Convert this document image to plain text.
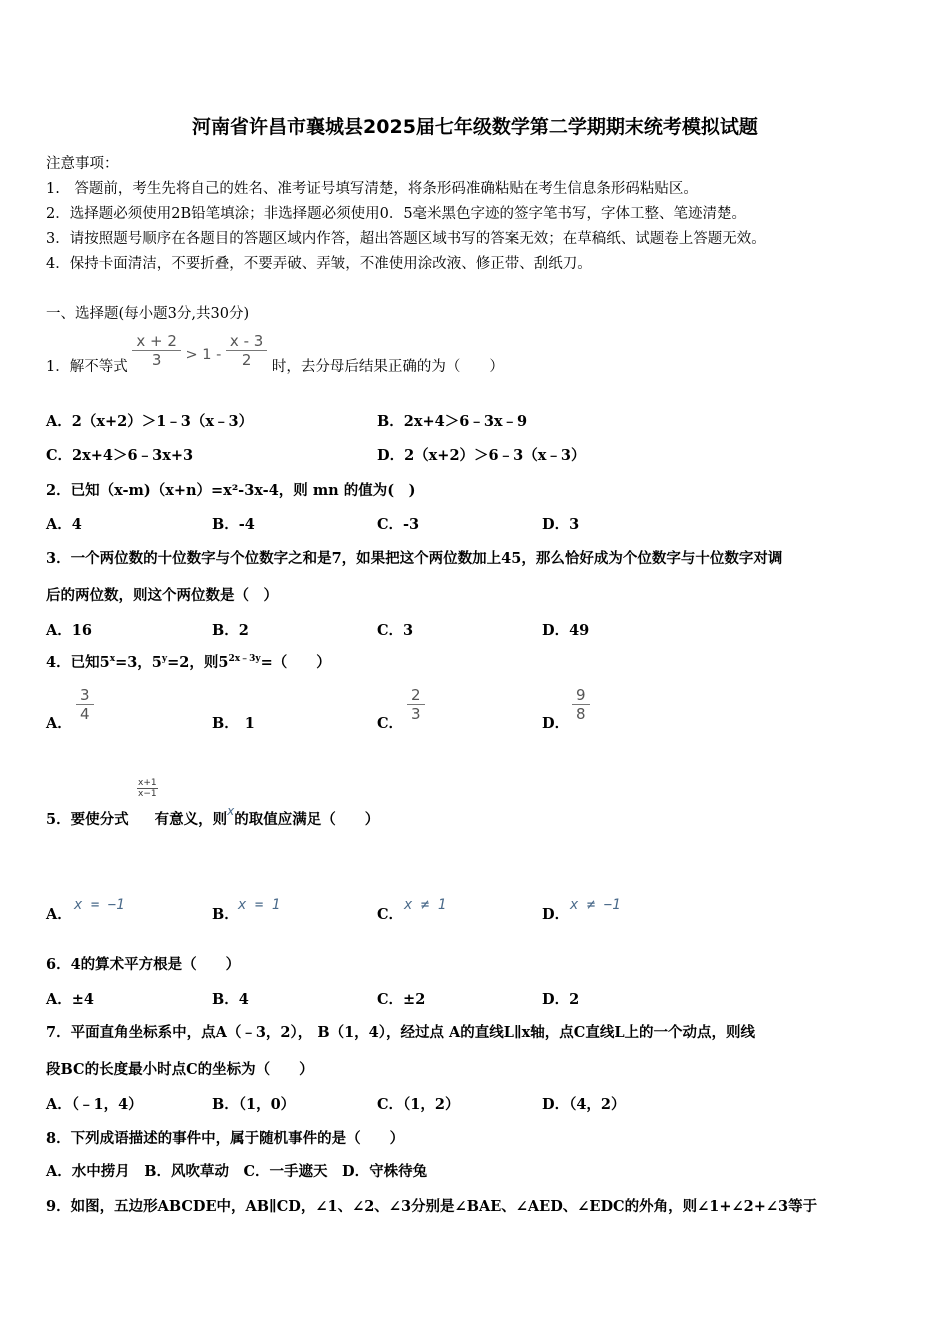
河南省许昌市襄城县2025届七年级数学第二学期期末统考模拟试题
注意事项：
1.　答题前，考生先将自己的姓名、准考证号填写清楚，将条形码准确粘贴在考生信息条形码粘贴区。
2．选择题必须使用2B铅笔填涂；非选择题必须使用0．5毫米黑色字迹的签字笔书写，字体工整、笔迹清楚。
3．请按照题号顺序在各题目的答题区域内作答，超出答题区域书写的答案无效；在草稿纸、试题卷上答题无效。
4．保持卡面清洁，不要折叠，不要弄破、弄皱，不准使用涂改液、修正带、刮纸刀。
一、选择题(每小题3分,共30分)
1．解不等式 $\frac{x + 2}{3} > 1 - \frac{x - 3}{2}$ 时，去分母后结果正确的为（　　）
A．2（x+2）＞1﹣3（x﹣3）	B．2x+4＞6﹣3x﹣9
C．2x+4＞6﹣3x+3	D．2（x+2）＞6﹣3（x﹣3）
2．已知（x-m)（x+n）=x²-3x-4，则 mn 的值为(　)
A．4	B．-4	C．-3	D．3
3．一个两位数的十位数字与个位数字之和是7，如果把这个两位数加上45，那么恰好成为个位数字与十位数字对调
后的两位数，则这个两位数是（　）
A．16	B．2	C．3	D．49
4．已知$5^x=3$，$5^y=2$，则$5^{2x﹣3y}=$（　　）
A．
$\frac{3}{4}$
B． 1	C．
$\frac{2}{3}$
D．
$\frac{9}{8}$
$\frac{x+1}{x-1}$
5．要使分式 有意义，则$^x$的取值应满足（　　）
A．
x = −1
B．
x = 1
C．
x ≠ 1
D．
x ≠ −1
6．4的算术平方根是（　　）
A．±4	B．4	C．±2	D．2
7．平面直角坐标系中，点A（﹣3，2）， B（1，4），经过点 A的直线L∥x轴，点C直线L上的一个动点，则线
段BC的长度最小时点C的坐标为（　　）
A．（﹣1，4）	B．（1，0）	C．（1，2）	D．（4，2）
8．下列成语描述的事件中，属于随机事件的是（　　）
A．水中捞月　B．风吹草动　C．一手遮天　D．守株待兔
9．如图，五边形ABCDE中，AB∥CD，∠1、∠2、∠3分别是∠BAE、∠AED、∠EDC的外角，则∠1+∠2+∠3等于
